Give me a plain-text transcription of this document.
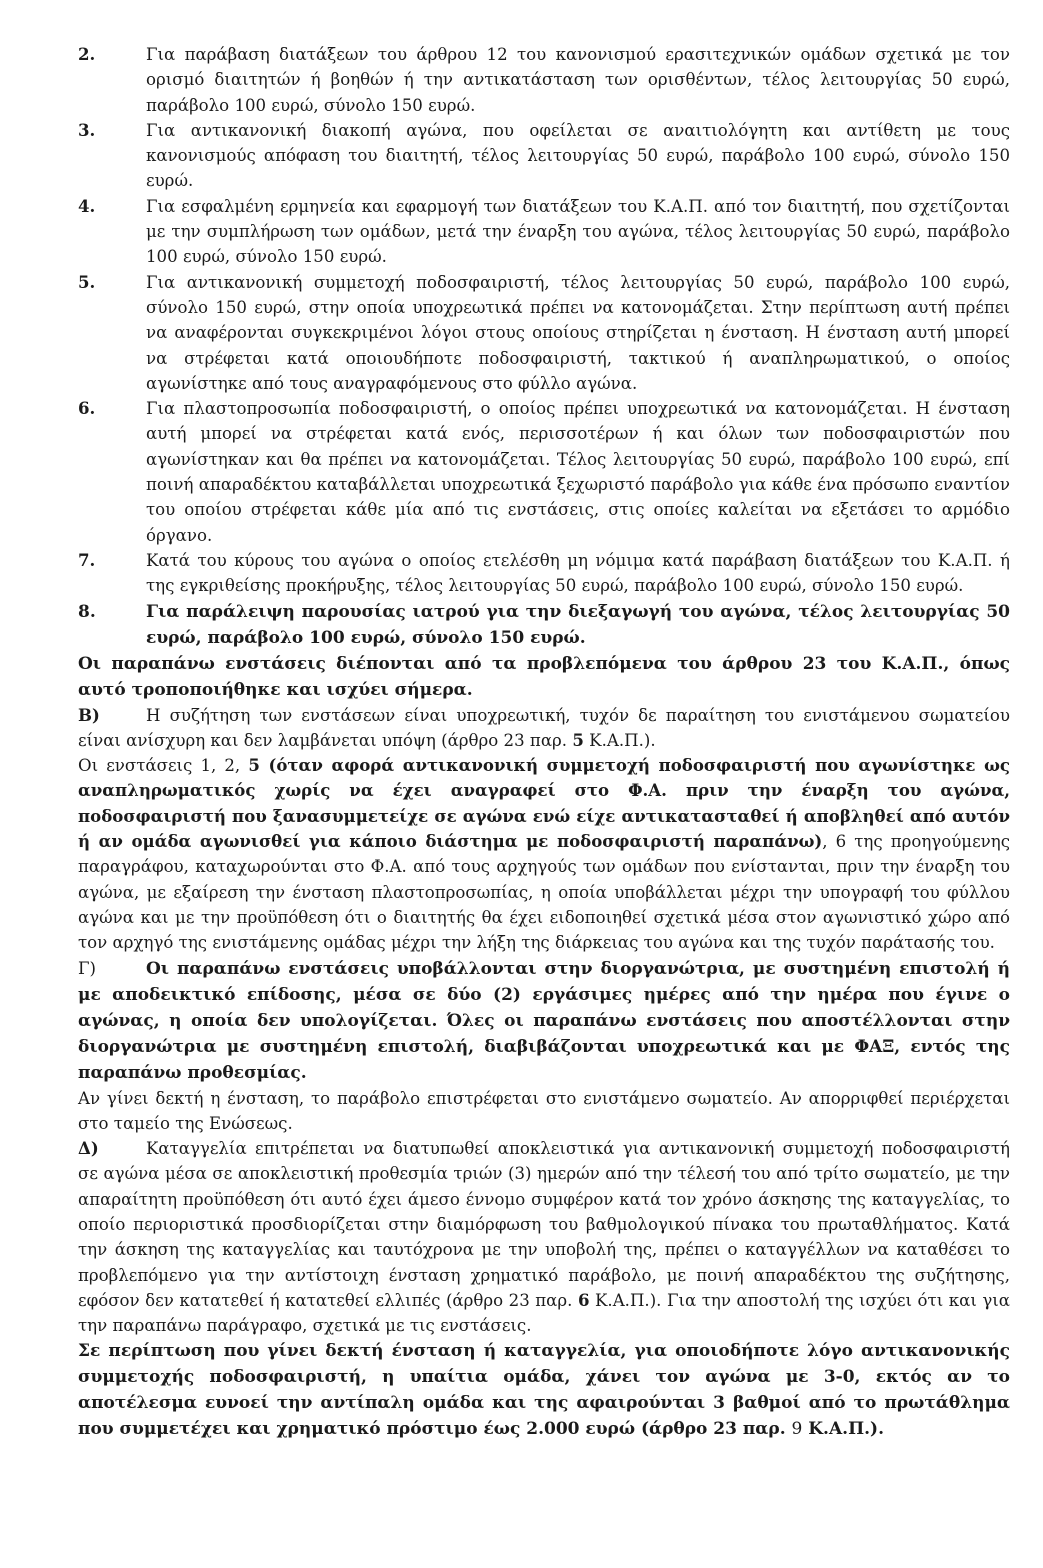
2.	Για παράβαση διατάξεων του άρθρου 12 του κανονισμού ερασιτεχνικών ομάδων σχετικά με τον ορισμό διαιτητών ή βοηθών ή την αντικατάσταση των ορισθέντων, τέλος λειτουργίας 50 ευρώ, παράβολο 100 ευρώ, σύνολο 150 ευρώ.
3.	Για αντικανονική διακοπή αγώνα, που οφείλεται σε αναιτιολόγητη και αντίθετη με τους κανονισμούς απόφαση του διαιτητή, τέλος λειτουργίας 50 ευρώ, παράβολο 100 ευρώ, σύνολο 150 ευρώ.
4.	Για εσφαλμένη ερμηνεία και εφαρμογή των διατάξεων του Κ.Α.Π. από τον διαιτητή, που σχετίζονται με την συμπλήρωση των ομάδων, μετά την έναρξη του αγώνα, τέλος λειτουργίας 50 ευρώ, παράβολο 100 ευρώ, σύνολο 150 ευρώ.
5.	Για αντικανονική συμμετοχή ποδοσφαιριστή, τέλος λειτουργίας 50 ευρώ, παράβολο 100 ευρώ, σύνολο 150 ευρώ, στην οποία υποχρεωτικά πρέπει να κατονομάζεται. Στην περίπτωση αυτή πρέπει να αναφέρονται συγκεκριμένοι λόγοι στους οποίους στηρίζεται η ένσταση. Η ένσταση αυτή μπορεί να στρέφεται κατά οποιουδήποτε ποδοσφαιριστή, τακτικού ή αναπληρωματικού, ο οποίος αγωνίστηκε από τους αναγραφόμενους στο φύλλο αγώνα.
6.	Για πλαστοπροσωπία ποδοσφαιριστή, ο οποίος πρέπει υποχρεωτικά να κατονομάζεται. Η ένσταση αυτή μπορεί να στρέφεται κατά ενός, περισσοτέρων ή και όλων των ποδοσφαιριστών που αγωνίστηκαν και θα πρέπει να κατονομάζεται. Τέλος λειτουργίας 50 ευρώ, παράβολο 100 ευρώ, επί ποινή απαραδέκτου καταβάλλεται υποχρεωτικά ξεχωριστό παράβολο για κάθε ένα πρόσωπο εναντίον του οποίου στρέφεται κάθε μία από τις ενστάσεις, στις οποίες καλείται να εξετάσει το αρμόδιο όργανο.
7.	Κατά του κύρους του αγώνα ο οποίος ετελέσθη μη νόμιμα κατά παράβαση διατάξεων του Κ.Α.Π. ή της εγκριθείσης προκήρυξης, τέλος λειτουργίας 50 ευρώ, παράβολο 100 ευρώ, σύνολο 150 ευρώ.
8.	Για παράλειψη παρουσίας ιατρού για την διεξαγωγή του αγώνα, τέλος λειτουργίας 50 ευρώ, παράβολο 100 ευρώ, σύνολο 150 ευρώ.

Οι παραπάνω ενστάσεις διέπονται από τα προβλεπόμενα του άρθρου 23 του Κ.Α.Π., όπως αυτό τροποποιήθηκε και ισχύει σήμερα.

Β)	Η συζήτηση των ενστάσεων είναι υποχρεωτική, τυχόν δε παραίτηση του ενιστάμενου σωματείου είναι ανίσχυρη και δεν λαμβάνεται υπόψη (άρθρο 23 παρ. 5 Κ.Α.Π.).

Οι ενστάσεις 1, 2, 5 (όταν αφορά αντικανονική συμμετοχή ποδοσφαιριστή που αγωνίστηκε ως αναπληρωματικός χωρίς να έχει αναγραφεί στο Φ.Α. πριν την έναρξη του αγώνα, ποδοσφαιριστή που ξανασυμμετείχε σε αγώνα ενώ είχε αντικατασταθεί ή αποβληθεί από αυτόν ή αν ομάδα αγωνισθεί για κάποιο διάστημα με ποδοσφαιριστή παραπάνω), 6 της προηγούμενης παραγράφου, καταχωρούνται στο Φ.Α. από τους αρχηγούς των ομάδων που ενίστανται, πριν την έναρξη του αγώνα, με εξαίρεση την ένσταση πλαστοπροσωπίας, η οποία υποβάλλεται μέχρι την υπογραφή του φύλλου αγώνα και με την προϋπόθεση ότι ο διαιτητής θα έχει ειδοποιηθεί σχετικά μέσα στον αγωνιστικό χώρο από τον αρχηγό της ενιστάμενης ομάδας μέχρι την λήξη της διάρκειας του αγώνα και της τυχόν παράτασής του.

Γ)	Οι παραπάνω ενστάσεις υποβάλλονται στην διοργανώτρια, με συστημένη επιστολή ή με αποδεικτικό επίδοσης, μέσα σε δύο (2) εργάσιμες ημέρες από την ημέρα που έγινε ο αγώνας, η οποία δεν υπολογίζεται. Όλες οι παραπάνω ενστάσεις που αποστέλλονται στην διοργανώτρια με συστημένη επιστολή, διαβιβάζονται υποχρεωτικά και με ΦΑΞ, εντός της παραπάνω προθεσμίας.

Αν γίνει δεκτή η ένσταση, το παράβολο επιστρέφεται στο ενιστάμενο σωματείο. Αν απορριφθεί περιέρχεται στο ταμείο της Ενώσεως.

Δ)	Καταγγελία επιτρέπεται να διατυπωθεί αποκλειστικά για αντικανονική συμμετοχή ποδοσφαιριστή σε αγώνα μέσα σε αποκλειστική προθεσμία τριών (3) ημερών από την τέλεσή του από τρίτο σωματείο, με την απαραίτητη προϋπόθεση ότι αυτό έχει άμεσο έννομο συμφέρον κατά τον χρόνο άσκησης της καταγγελίας, το οποίο περιοριστικά προσδιορίζεται στην διαμόρφωση του βαθμολογικού πίνακα του πρωταθλήματος. Κατά την άσκηση της καταγγελίας και ταυτόχρονα με την υποβολή της, πρέπει ο καταγγέλλων να καταθέσει το προβλεπόμενο για την αντίστοιχη ένσταση χρηματικό παράβολο, με ποινή απαραδέκτου της συζήτησης, εφόσον δεν κατατεθεί ή κατατεθεί ελλιπές (άρθρο 23 παρ. 6 Κ.Α.Π.). Για την αποστολή της ισχύει ότι και για την παραπάνω παράγραφο, σχετικά με τις ενστάσεις.

Σε περίπτωση που γίνει δεκτή ένσταση ή καταγγελία, για οποιοδήποτε λόγο αντικανονικής συμμετοχής ποδοσφαιριστή, η υπαίτια ομάδα, χάνει τον αγώνα με 3-0, εκτός αν το αποτέλεσμα ευνοεί την αντίπαλη ομάδα και της αφαιρούνται 3 βαθμοί από το πρωτάθλημα που συμμετέχει και χρηματικό πρόστιμο έως 2.000 ευρώ (άρθρο 23 παρ. 9 Κ.Α.Π.).
